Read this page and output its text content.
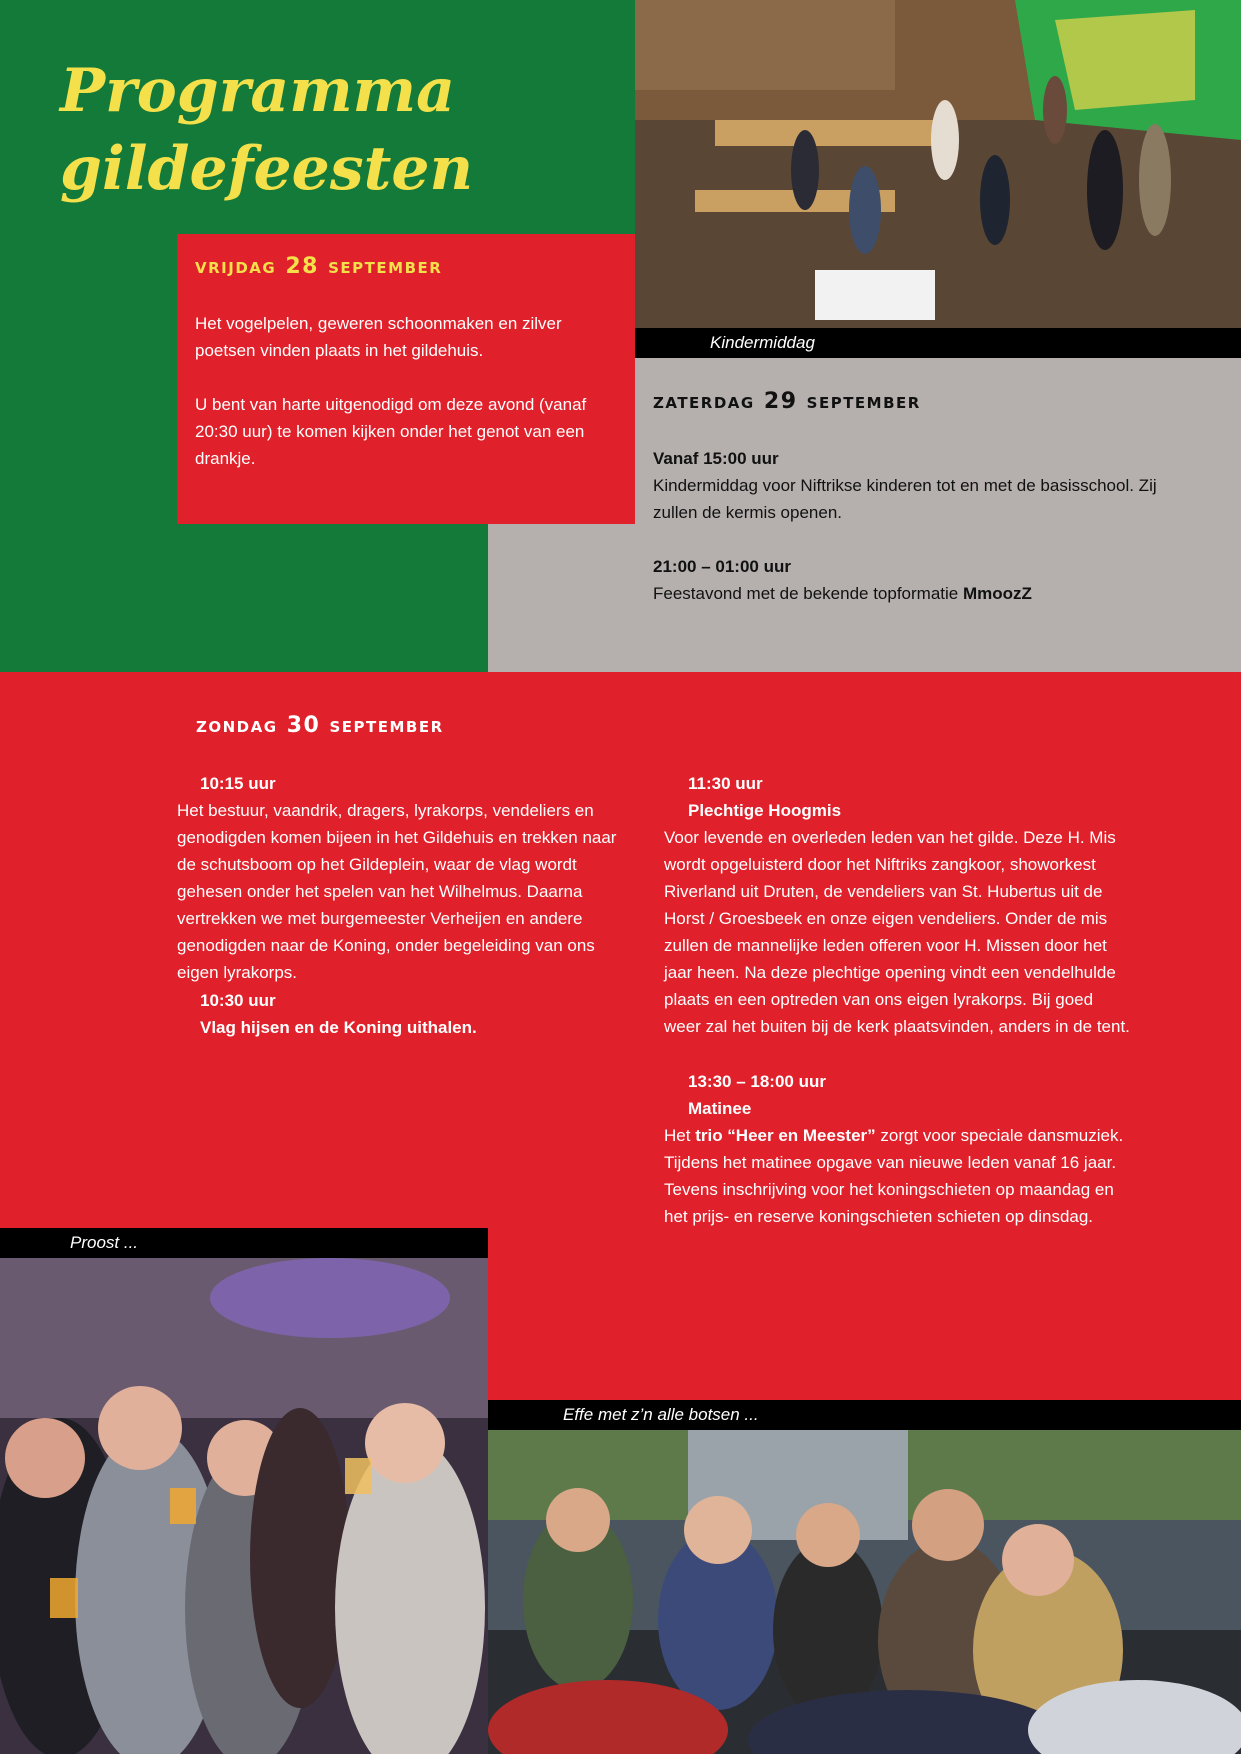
Programma
gildefeesten
vrijdag 28 september

Het vogelpelen, geweren schoonmaken en zilver poetsen vinden plaats in het gildehuis.

U bent van harte uitgenodigd om deze avond (vanaf 20:30 uur) te komen kijken onder het genot van een drankje.

Kindermiddag
zaterdag 29 september

Vanaf 15:00 uur

Kindermiddag voor Niftrikse kinderen tot en met de basisschool. Zij zullen de kermis openen.

21:00 – 01:00 uur

Feestavond met de bekende topformatie MmoozZ

zondag 30 september

10:15 uur

Het bestuur, vaandrik, dragers, lyrakorps, vendeliers en genodigden komen bijeen in het Gildehuis en trekken naar de schutsboom op het Gildeplein, waar de vlag wordt gehesen onder het spelen van het Wilhelmus. Daarna vertrekken we met burgemeester Verheijen en andere genodigden naar de Koning, onder begeleiding van ons eigen lyrakorps.

10:30 uur

Vlag hijsen en de Koning uithalen.

11:30 uur

Plechtige Hoogmis

Voor levende en overleden leden van het gilde. Deze H. Mis wordt opgeluisterd door het Niftriks zangkoor, showorkest Riverland uit Druten, de vendeliers van St. Hubertus uit de Horst / Groesbeek en onze eigen vendeliers. Onder de mis zullen de mannelijke leden offeren voor H. Missen door het jaar heen. Na deze plechtige opening vindt een vendelhulde plaats en een optreden van ons eigen lyrakorps. Bij goed weer zal het buiten bij de kerk plaatsvinden, anders in de tent.

13:30 – 18:00 uur

Matinee

Het trio “Heer en Meester” zorgt voor speciale dansmuziek. Tijdens het matinee opgave van nieuwe leden vanaf 16 jaar. Tevens inschrijving voor het koningschieten op maandag en het prijs- en reserve koningschieten schieten op dinsdag.

Proost ...
Effe met z’n alle botsen ...
